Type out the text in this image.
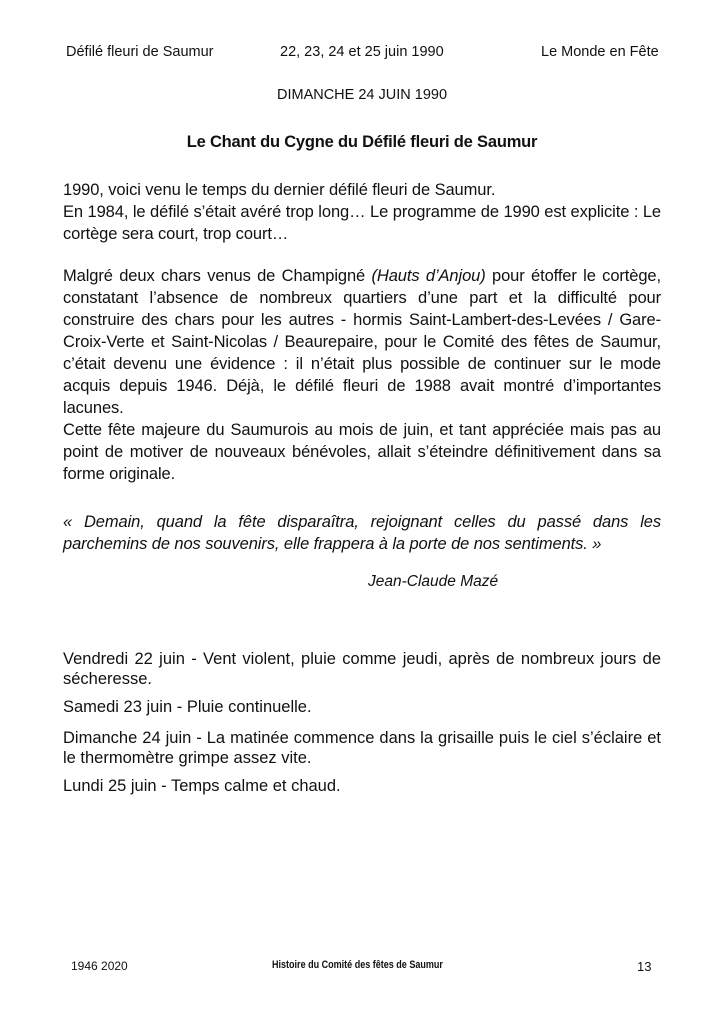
Défilé fleuri de Saumur	22, 23, 24 et 25 juin 1990	Le Monde en Fête
DIMANCHE 24 JUIN 1990
Le Chant du Cygne du Défilé fleuri de Saumur

1990, voici venu le temps du dernier défilé fleuri de Saumur.
En 1984, le défilé s’était avéré trop long… Le programme de 1990 est explicite : Le cortège sera court, trop court…

Malgré deux chars venus de Champigné (Hauts d’Anjou) pour étoffer le cortège, constatant l’absence de nombreux quartiers d’une part et la difficulté pour construire des chars pour les autres - hormis Saint-Lambert-des-Levées / Gare-Croix-Verte et Saint-Nicolas / Beaurepaire, pour le Comité des fêtes de Saumur, c’était devenu une évidence : il n’était plus possible de continuer sur le mode acquis depuis 1946. Déjà, le défilé fleuri de 1988 avait montré d’importantes lacunes.

Cette fête majeure du Saumurois au mois de juin, et tant appréciée mais pas au point de motiver de nouveaux bénévoles, allait s’éteindre définitivement dans sa forme originale.

« Demain, quand la fête disparaîtra, rejoignant celles du passé dans les parchemins de nos souvenirs, elle frappera à la porte de nos sentiments. »

Jean-Claude Mazé

Vendredi 22 juin - Vent violent, pluie comme jeudi, après de nombreux jours de sécheresse.

Samedi 23 juin - Pluie continuelle.

Dimanche 24 juin - La matinée commence dans la grisaille puis le ciel s’éclaire et le thermomètre grimpe assez vite.

Lundi 25 juin - Temps calme et chaud.

1946 2020	Histoire du Comité des fêtes de Saumur	13
